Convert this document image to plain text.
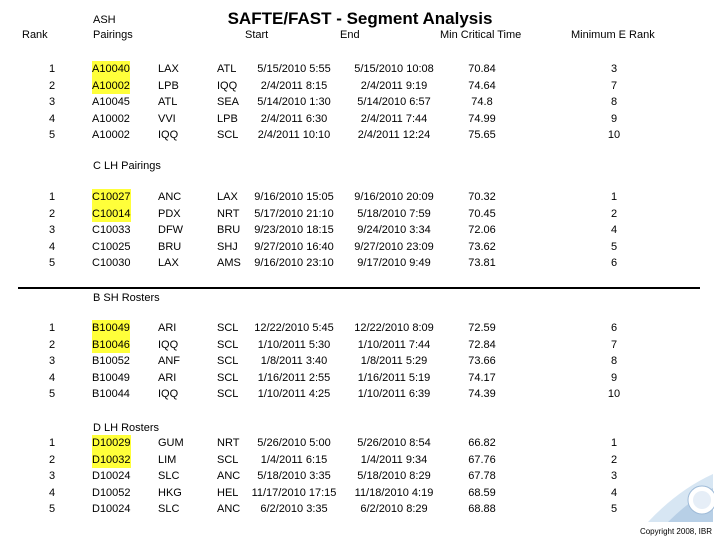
SAFTE/FAST - Segment Analysis
Rank
ASH
Pairings	Start	End	Min Critical Time	Minimum E Rank
1	A10040	LAX	ATL	5/15/2010 5:55	5/15/2010 10:08	70.84	3
2	A10002	LPB	IQQ	2/4/2011 8:15	2/4/2011 9:19	74.64	7
3	A10045	ATL	SEA	5/14/2010 1:30	5/14/2010 6:57	74.8	8
4	A10002	VVI	LPB	2/4/2011 6:30	2/4/2011 7:44	74.99	9
5	A10002	IQQ	SCL	2/4/2011 10:10	2/4/2011 12:24	75.65	10
C LH Pairings
1	C10027 ANC	LAX	9/16/2010 15:05	9/16/2010 20:09	70.32	1
2	C10014 PDX	NRT	5/17/2010 21:10	5/18/2010 7:59	70.45	2
3	C10033 DFW	BRU	9/23/2010 18:15	9/24/2010 3:34	72.06	4
4	C10025 BRU	SHJ	9/27/2010 16:40	9/27/2010 23:09	73.62	5
5	C10030 LAX	AMS	9/16/2010 23:10	9/17/2010 9:49	73.81	6
B SH Rosters
1	B10049	ARI	SCL	12/22/2010 5:45	12/22/2010 8:09	72.59	6
2	B10046	IQQ	SCL	1/10/2011 5:30	1/10/2011 7:44	72.84	7
3	B10052	ANF	SCL	1/8/2011 3:40	1/8/2011 5:29	73.66	8
4	B10049	ARI	SCL	1/16/2011 2:55	1/16/2011 5:19	74.17	9
5	B10044	IQQ	SCL	1/10/2011 4:25	1/10/2011 6:39	74.39	10
D LH Rosters
1	D10029 GUM	NRT	5/26/2010 5:00	5/26/2010 8:54	66.82	1
2	D10032 LIM	SCL	1/4/2011 6:15	1/4/2011 9:34	67.76	2
3	D10024 SLC	ANC	5/18/2010 3:35	5/18/2010 8:29	67.78	3
4	D10052 HKG	HEL	11/17/2010 17:15	11/18/2010 4:19	68.59	4
5	D10024 SLC	ANC	6/2/2010 3:35	6/2/2010 8:29	68.88	5
Copyright 2008, IBR
